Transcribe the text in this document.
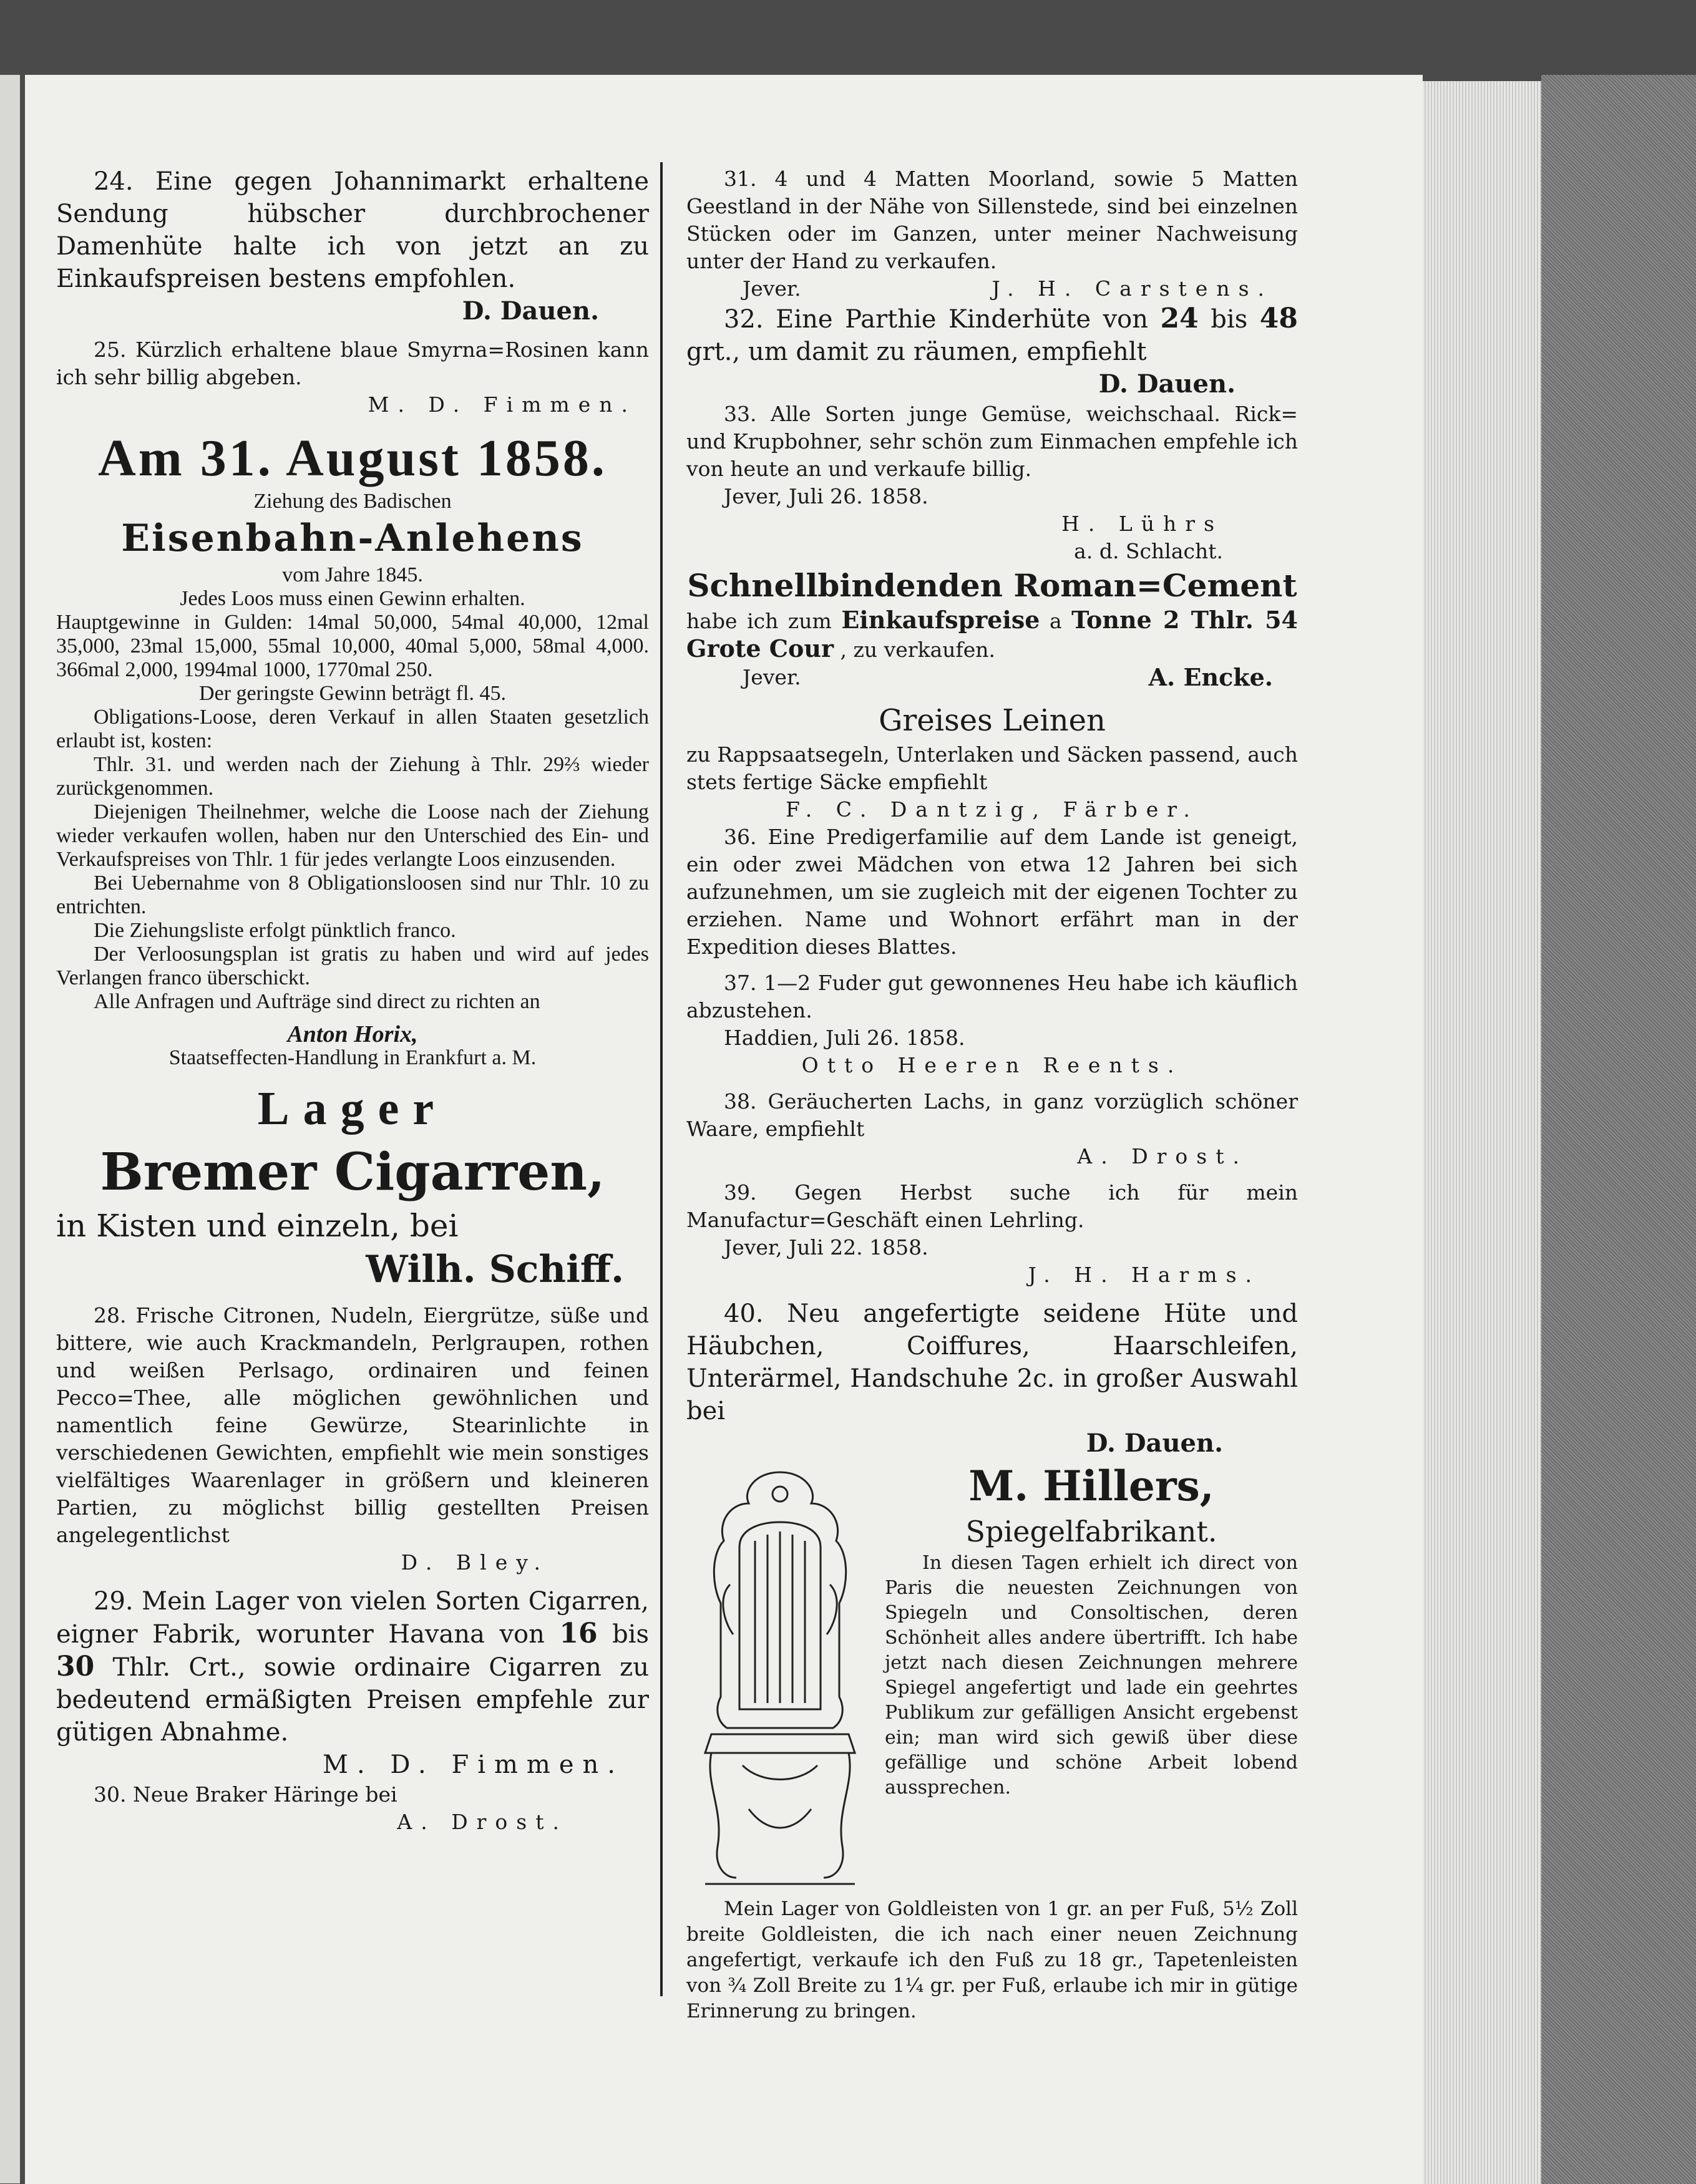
24. Eine gegen Johannimarkt erhaltene Sendung hübscher durchbrochener Damenhüte halte ich von jetzt an zu Einkaufspreisen bestens empfohlen.

D. Dauen.

25. Kürzlich erhaltene blaue Smyrna=Rosinen kann ich sehr billig abgeben.

M. D. Fimmen.

Am 31. August 1858.

Ziehung des Badischen

Eisenbahn-Anlehens

vom Jahre 1845.

Jedes Loos muss einen Gewinn erhalten.

Hauptgewinne in Gulden: 14mal 50,000, 54mal 40,000, 12mal 35,000, 23mal 15,000, 55mal 10,000, 40mal 5,000, 58mal 4,000. 366mal 2,000, 1994mal 1000, 1770mal 250.

Der geringste Gewinn beträgt fl. 45.

Obligations-Loose, deren Verkauf in allen Staaten gesetzlich erlaubt ist, kosten:

Thlr. 31. und werden nach der Ziehung à Thlr. 29⅔ wieder zurückgenommen.

Diejenigen Theilnehmer, welche die Loose nach der Ziehung wieder verkaufen wollen, haben nur den Unterschied des Ein- und Verkaufspreises von Thlr. 1 für jedes verlangte Loos einzusenden.

Bei Uebernahme von 8 Obligationsloosen sind nur Thlr. 10 zu entrichten.

Die Ziehungsliste erfolgt pünktlich franco.

Der Verloosungsplan ist gratis zu haben und wird auf jedes Verlangen franco überschickt.

Alle Anfragen und Aufträge sind direct zu richten an

Anton Horix,

Staatseffecten-Handlung in Erankfurt a. M.

Lager

Bremer Cigarren,

in Kisten und einzeln, bei

Wilh. Schiff.

28. Frische Citronen, Nudeln, Eiergrütze, süße und bittere, wie auch Krackmandeln, Perlgraupen, rothen und weißen Perlsago, ordinairen und feinen Pecco=Thee, alle möglichen gewöhnlichen und namentlich feine Gewürze, Stearinlichte in verschiedenen Gewichten, empfiehlt wie mein sonstiges vielfältiges Waarenlager in größern und kleineren Partien, zu möglichst billig gestellten Preisen angelegentlichst

D. Bley.

29. Mein Lager von vielen Sorten Cigarren, eigner Fabrik, worunter Havana von 16 bis 30 Thlr. Crt., sowie ordinaire Cigarren zu bedeutend ermäßigten Preisen empfehle zur gütigen Abnahme.

M. D. Fimmen.

30. Neue Braker Häringe bei

A. Drost.

31. 4 und 4 Matten Moorland, sowie 5 Matten Geestland in der Nähe von Sillenstede, sind bei einzelnen Stücken oder im Ganzen, unter meiner Nachweisung unter der Hand zu verkaufen.

Jever.	J. H. Carstens.

32. Eine Parthie Kinderhüte von 24 bis 48 grt., um damit zu räumen, empfiehlt

D. Dauen.

33. Alle Sorten junge Gemüse, weichschaal. Rick= und Krupbohner, sehr schön zum Einmachen empfehle ich von heute an und verkaufe billig.

Jever, Juli 26. 1858.

H. Lührs

a. d. Schlacht.

Schnellbindenden Roman=Cement

habe ich zum Einkaufspreise a Tonne 2 Thlr. 54 Grote Cour , zu verkaufen.

Jever.	A. Encke.

Greises Leinen

zu Rappsaatsegeln, Unterlaken und Säcken passend, auch stets fertige Säcke empfiehlt

F. C. Dantzig, Färber.

36. Eine Predigerfamilie auf dem Lande ist geneigt, ein oder zwei Mädchen von etwa 12 Jahren bei sich aufzunehmen, um sie zugleich mit der eigenen Tochter zu erziehen. Name und Wohnort erfährt man in der Expedition dieses Blattes.

37. 1—2 Fuder gut gewonnenes Heu habe ich käuflich abzustehen.

Haddien, Juli 26. 1858.

Otto Heeren Reents.

38. Geräucherten Lachs, in ganz vorzüglich schöner Waare, empfiehlt

A. Drost.

39. Gegen Herbst suche ich für mein Manufactur=Geschäft einen Lehrling.

Jever, Juli 22. 1858.

J. H. Harms.

40. Neu angefertigte seidene Hüte und Häubchen, Coiffures, Haarschleifen, Unterärmel, Handschuhe 2c. in großer Auswahl bei

D. Dauen.

M. Hillers,

Spiegelfabrikant.

In diesen Tagen erhielt ich direct von Paris die neuesten Zeichnungen von Spiegeln und Consoltischen, deren Schönheit alles andere übertrifft. Ich habe jetzt nach diesen Zeichnungen mehrere Spiegel angefertigt und lade ein geehrtes Publikum zur gefälligen Ansicht ergebenst ein; man wird sich gewiß über diese gefällige und schöne Arbeit lobend aussprechen.

Mein Lager von Goldleisten von 1 gr. an per Fuß, 5½ Zoll breite Goldleisten, die ich nach einer neuen Zeichnung angefertigt, verkaufe ich den Fuß zu 18 gr., Tapetenleisten von ¾ Zoll Breite zu 1¼ gr. per Fuß, erlaube ich mir in gütige Erinnerung zu bringen.
